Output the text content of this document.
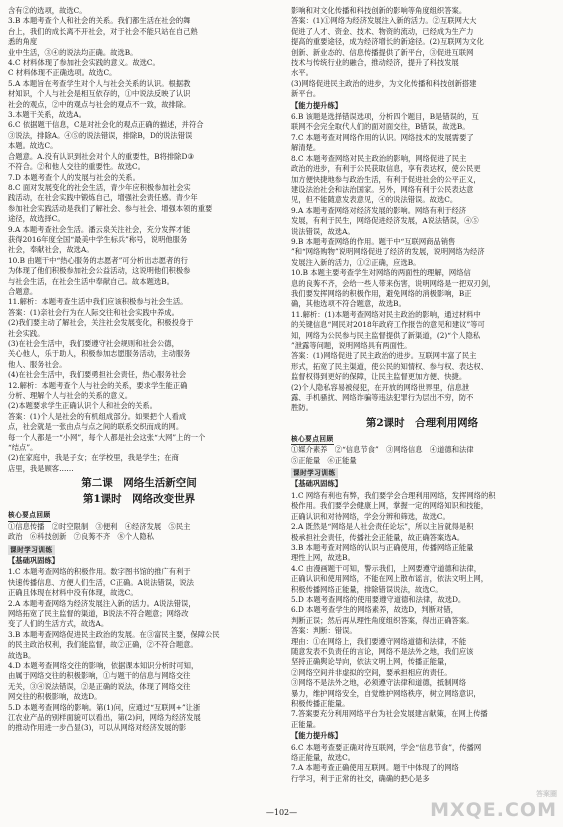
含有②的选项，故选C。
3.B 本题考查个人和社会的关系。我们都生活在社会的舞
台上，我们的成长离不开社会，对于社会不能只站在自己熟
悉的角度
业中生活，③④的说法均正确。故选B。
4.C 材料体现了参加社会实践的意义。故选C。
C 材料体现不正确选项。故选C。
5.A 本题旨在考查学生对个人与社会关系的认识。根据教
材知识，个人与社会是相互依存的，①中说法反映了认识
社会的观点，②中的观点与社会的观点不一致，故排除。
3.本题干关系，故选A。
6.C 依据题干信息，C是对社会化的观点正确的描述，并符合
③说法，排除A。④⑤的说法错误，排除B，D的说法错误
本题。故选C。
合题意。A.没有认识到社会对个人的重要性，B将排除D③
不符合。②和他人交往的重要性。故选C。
7.D 本题考查个人的发展与社会的关系。
8.C 面对发展变化的社会生活，青少年应积极参加社会实
践活动，在社会实践中锻炼自己，增强社会责任感。青少年
参加社会实践活动是我们了解社会、参与社会、增强本领的重要
途径，故选择C。
9.A 本题考查社会生活。潘云泉关注社会，充分发挥才能
获得2016年度全国“最美中学生标兵”称号，说明他服务
社会，奉献社会，故选A。
10.B 由题干中“热心服务的志愿者”可分析出志愿者的行
为体现了他们积极参加社会公益活动，这说明他们积极参
与社会生活，在社会生活中奉献自己。故本题选B。
合题意。
11.解析：本题考查生活中我们应该积极参与社会生活。
答案：(1)亲社会行为在人际交往和社会实践中养成。
(2)我们要主动了解社会，关注社会发展变化，积极投身于
社会实践。
(3)在社会生活中，我们要遵守社会规则和社会公德，
关心他人，乐于助人，积极参加志愿服务活动，主动服务
他人、服务社会。
(4)在社会生活中，我们要勇担社会责任，热心服务社会
12.解析：本题考查个人与社会的关系，要求学生能正确
分析、理解个人与社会的关系的意义。
(2)本题要求学生正确认识个人和社会的关系。
答案：(1)个人是社会的有机组成部分。如果把个人看成
点，社会就是一张由点与点之间的联系交织而成的网。
每一个人都是一“小网”，每个人都是社会这张“大网”上的一个
“结点”。
(2)在家庭中，我是子女；在学校里，我是学生；在商
店里，我是顾客……
第二课　网络生活新空间
第1课时　网络改变世界
核心要点回顾
①信息传播　②时空限制　③便利　④经济发展　⑤民主
政治　⑥科技创新　⑦良莠不齐　⑧个人隐私
课时学习训练
【基础巩固练】
1.C 本题考查网络的积极作用。数字图书馆的推广有利于
快速传播信息、方便人们生活，C正确。A说法错误，说法
正确且体现在材料中没有体现，故选C。
2.A 本题考查网络为经济发展注入新的活力。A说法错误，
网络拓宽了民主监督的渠道，B说法不符合题意；网络改
变了人们的生活方式，故选A。
3.B 本题考查网络促进民主政治的发展。在③富民主要，保障公民
的民主政治权利，我们能监督，故②正确，②不符合题意。
故选B。
4.D 本题考查网络交往的影响，依据课本知识分析时可知，
由属于网络交往的积极影响，①与题干的信息与网络交往
无关，③④说法错误，②是正确的说法，体现了网络交往
网交往的积极影响，故选D。
5.D 本题考查网络的影响。第(1)问，应通过“互联网+”让浙
江农业产品的别样面貌可以看出，第(2)问，网络为经济发展
的推动作用进一步凸显(3)，可以从网络对经济发展的影
影响和对文化传播和科技创新的影响等角度组织答案。
答案：(1)①网络为经济发展注入新的活力。②互联网大大
促进了人才、资金、技术、物资的流动，已经成为生产力
提高的重要途径，成为经济增长的新途径。(2)互联网为文化
创新、新业态的、信息传播提供了新平台，③促进互联网
技术与传统行业的融合，推动经济，提升了科技发展
水平。
(3)网络促进民主政治的进步，为文化传播和科技创新搭建
新平台。
【能力提升练】
6.B 该题是选择错误选项，分析四个题目，B是错误的，互
联网不会完全取代人们的面对面交往，B错误，故选B。
7.C 本题考查对网络作用的认识。网络技术的发展需要了
解清楚。
8.C 本题考查网络对民主政治的影响，网络促进了民主
政治的进步，有利于公民获取信息，享有表达权，使公民更
加方便快捷地参与政治生活，有利于促进社会的公平正义，
建设法治社会和法治国家。另外，网络有利于公民表达意
见，但不能随意发表意见，④的说法错误。故选C。
9.A 本题考查网络对经济发展的影响。网络有利于经济
发展，有利于民生，网络促进经济发展，A说法错误，④⑤
说法错误，故选A。
9.B 本题考查网络的作用。题干中“互联网商品销售
”和“网络购物”说明网络促进了经济的发展，说明网络为经济
发展注入新的活力，①②正确，应选B。
10.B 本题主要考查学生对网络的两面性的理解，网络信
息的良莠不齐，会给一些人带来伤害，说明网络是一把双刃剑，
我们要发挥网络的积极作用，避免网络的消极影响，B正
确，其他选项不符合题意，故选B。
11.解析：(1)本题考查网络对民主政治的影响，通过材料中
的关键信息“网民对2018年政府工作报告的意见和建议”等可
知，网络为公民参与民主监督提供了新渠道，(2)“个人隐私
”泄露等问题，说明网络具有两面性。
答案：(1)网络促进了民主政治的进步。互联网丰富了民主
形式，拓宽了民主渠道，使公民的知情权、参与权、表达权、
监督权得到更好的保障，让民主监督更加方便、快捷。
(2)个人隐私容易被侵犯，在开放的网络世界里，信息泄
露、手机骚扰、网络诈骗等违法犯罪行为层出不穷，防不
胜防。
第2课时　合理利用网络
核心要点回顾
①媒介素养　②“信息节食”　③网络信息　④道德和法律
⑤正能量　⑥正能量
课时学习训练
【基础巩固练】
1.C 网络有利也有弊，我们要学会合理利用网络，发挥网络的积
极作用。我们要学会健康上网，掌握一定的网络知识和技能，
正确认识和对待网络，学会分辨和筛选，故选C。
2.A 既然是“网络是人社会责任论坛”，所以主旨就得是积
极承担社会责任，传播社会正能量，故正确答案选A。
3.B 本题考查对网络的认识与正确使用，传播网络正能量
理性上网，故选B。
4.C 由漫画题干可知，警示我们，上网要遵守道德和法律，
正确认识和使用网络，不能在网上散布谣言，依法文明上网，
积极传播网络正能量，排除错误说法，故选C。
5.D 本题考查网络的使用要遵守道德和法律，故选D。
6.D 本题考查学生的网络素养，故选D，判断对错，
判断正误；然后再从理性角度组织答案，得出正确答案。
答案：判断：错误。
理由：①在网络上，我们要遵守网络道德和法律，不能
随意发表不负责任的言论，网络不是法外之地，我们应该
坚持正确舆论导向，依法文明上网，传播正能量，
②网络空间并非虚拟的空间，要承担相应的责任。
③网络不是法外之地，必须遵守法律和道德，抵制网络
暴力，维护网络安全，自觉维护网络秩序，树立网络意识，
积极传播正能量。
7.答案要充分利用网络平台为社会发展建言献策，在网上传播
正能量。
【能力提升练】
6.C 本题考查要正确对待互联网，学会“信息节食”，传播网
络正能量，故选C。
7.A 本题考查正确使用互联网。题干中体现了的网络
行学习，利于正常的社交，确确的把心是多
—102—
答案圈
MXQE.COM
